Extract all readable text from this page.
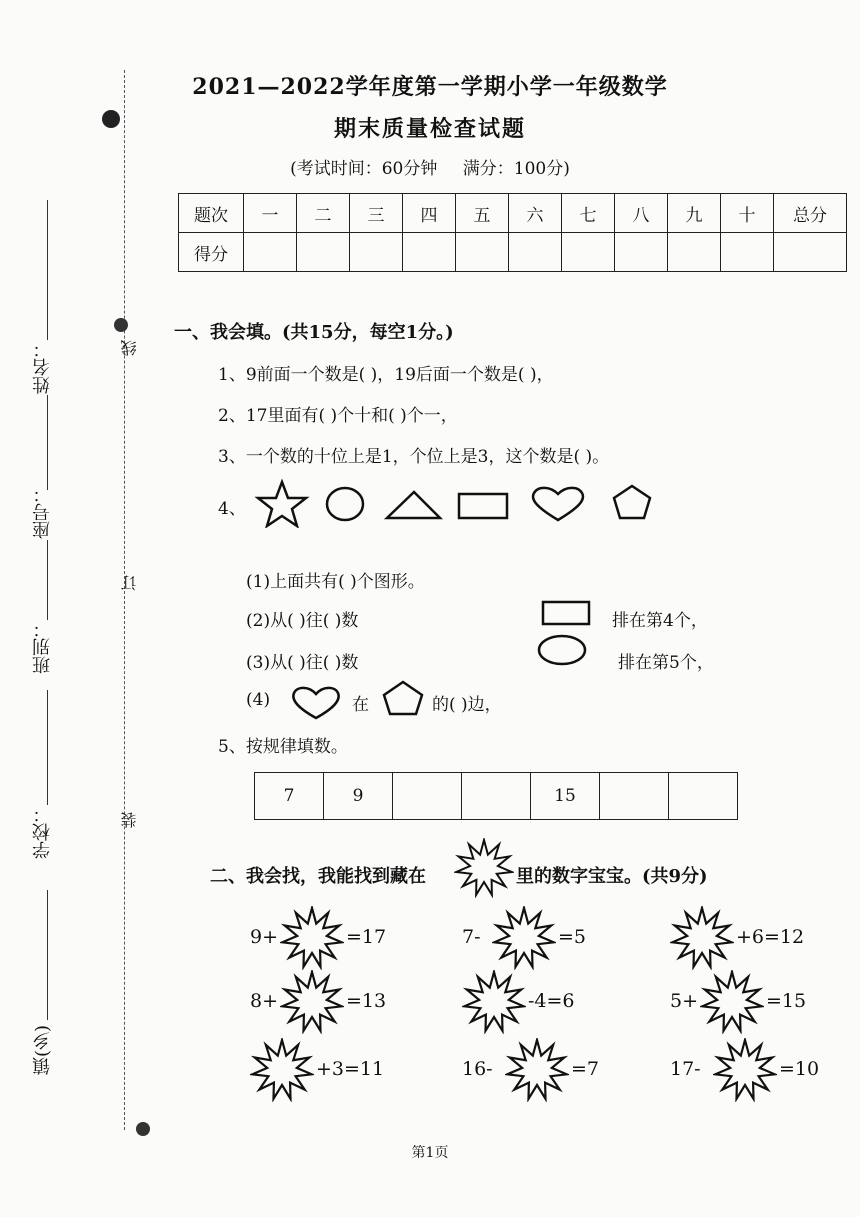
2021—2022学年度第一学期小学一年级数学
期末质量检查试题
(考试时间：60分钟 满分：100分)
题次	一	二	三	四	五	六	七	八	九	十	总分
得分											
姓名：
座号：
班别：
学校：
镇(乡)
线
订
装
一、我会填。(共15分，每空1分。)
1、9前面一个数是( )，19后面一个数是( )，
2、17里面有( )个十和( )个一，
3、一个数的十位上是1，个位上是3，这个数是( )。
4、
(1)上面共有( )个图形。
(2)从( )往( )数	排在第4个，
(3)从( )往( )数	排在第5个，
(4)	在	的( )边，
5、按规律填数。
7	9			15		
二、我会找，我能找到藏在	里的数字宝宝。(共9分)
9+	=17	7-	=5	+6=12
8+	=13	-4=6	5+	=15
+3=11	16-	=7	17-	=10
第1页
